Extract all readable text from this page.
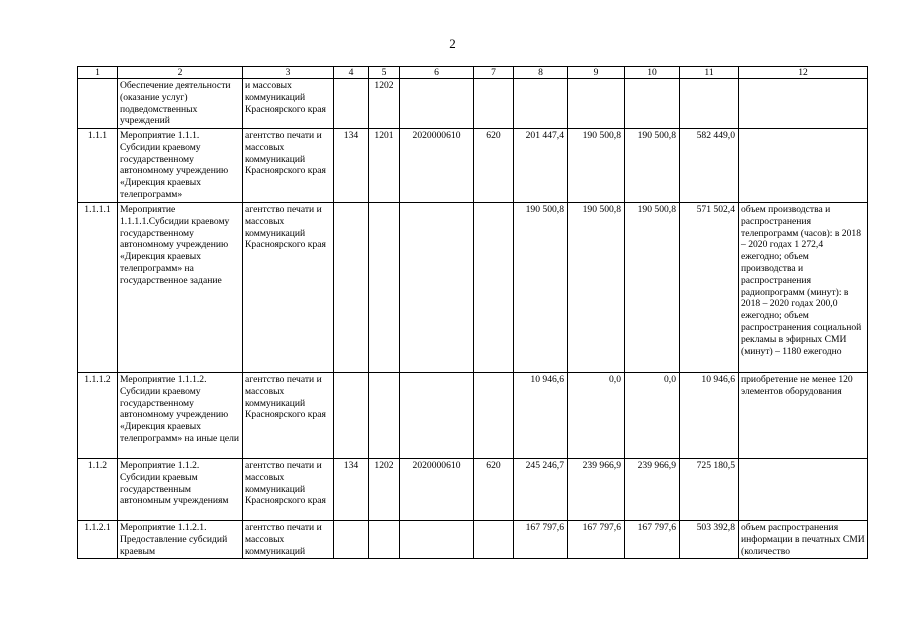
2
1	2	3	4	5	6	7	8	9	10	11	12
	Обеспечение деятельности (оказание услуг) подведомственных учреждений	и массовых коммуникаций Красноярского края		1202							
1.1.1	Мероприятие 1.1.1. Субсидии краевому государственному автономному учреждению «Дирекция краевых телепрограмм»	агентство печати и массовых коммуникаций Красноярского края	134	1201	2020000610	620	201 447,4	190 500,8	190 500,8	582 449,0	
1.1.1.1	Мероприятие 1.1.1.1.Субсидии краевому государственному автономному учреждению «Дирекция краевых телепрограмм» на государственное задание	агентство печати и массовых коммуникаций Красноярского края					190 500,8	190 500,8	190 500,8	571 502,4	объем производства и распространения телепрограмм (часов): в 2018 – 2020 годах 1 272,4 ежегодно; объем производства и распространения радиопрограмм (минут): в 2018 – 2020 годах 200,0 ежегодно; объем распространения социальной рекламы в эфирных СМИ (минут) – 1180 ежегодно
1.1.1.2	Мероприятие 1.1.1.2. Субсидии краевому государственному автономному учреждению «Дирекция краевых телепрограмм» на иные цели	агентство печати и массовых коммуникаций Красноярского края					10 946,6	0,0	0,0	10 946,6	приобретение не менее 120 элементов оборудования
1.1.2	Мероприятие 1.1.2. Субсидии краевым государственным автономным учреждениям	агентство печати и массовых коммуникаций Красноярского края	134	1202	2020000610	620	245 246,7	239 966,9	239 966,9	725 180,5	
1.1.2.1	Мероприятие 1.1.2.1. Предоставление субсидий краевым	агентство печати и массовых коммуникаций					167 797,6	167 797,6	167 797,6	503 392,8	объем распространения информации в печатных СМИ (количество
